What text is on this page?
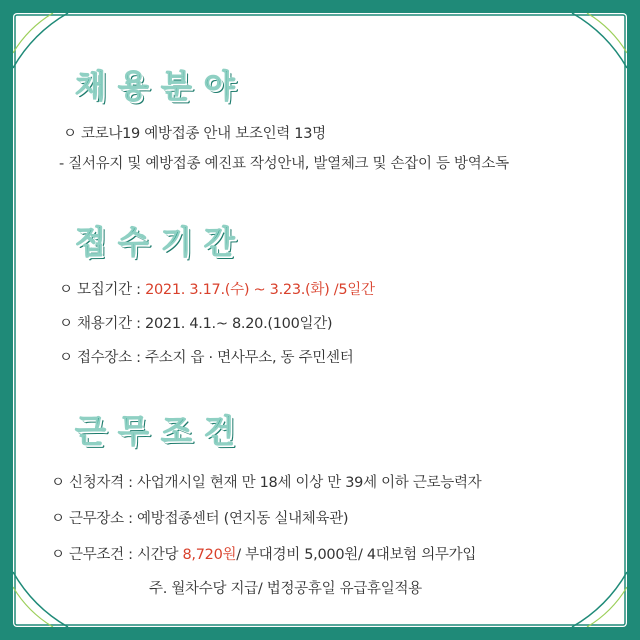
채용분야
ㅇ 코로나19 예방접종 안내 보조인력 13명
- 질서유지 및 예방접종 예진표 작성안내, 발열체크 및 손잡이 등 방역소독
접수기간
ㅇ 모집기간 : 2021. 3.17.(수) ~ 3.23.(화) /5일간
ㅇ 채용기간 : 2021. 4.1.~ 8.20.(100일간)
ㅇ 접수장소 : 주소지 읍 · 면사무소, 동 주민센터
근무조건
ㅇ 신청자격 : 사업개시일 현재 만 18세 이상 만 39세 이하 근로능력자
ㅇ 근무장소 : 예방접종센터 (연지동 실내체육관)
ㅇ 근무조건 : 시간당 8,720원/ 부대경비 5,000원/ 4대보험 의무가입
주. 월차수당 지급/ 법정공휴일 유급휴일적용
